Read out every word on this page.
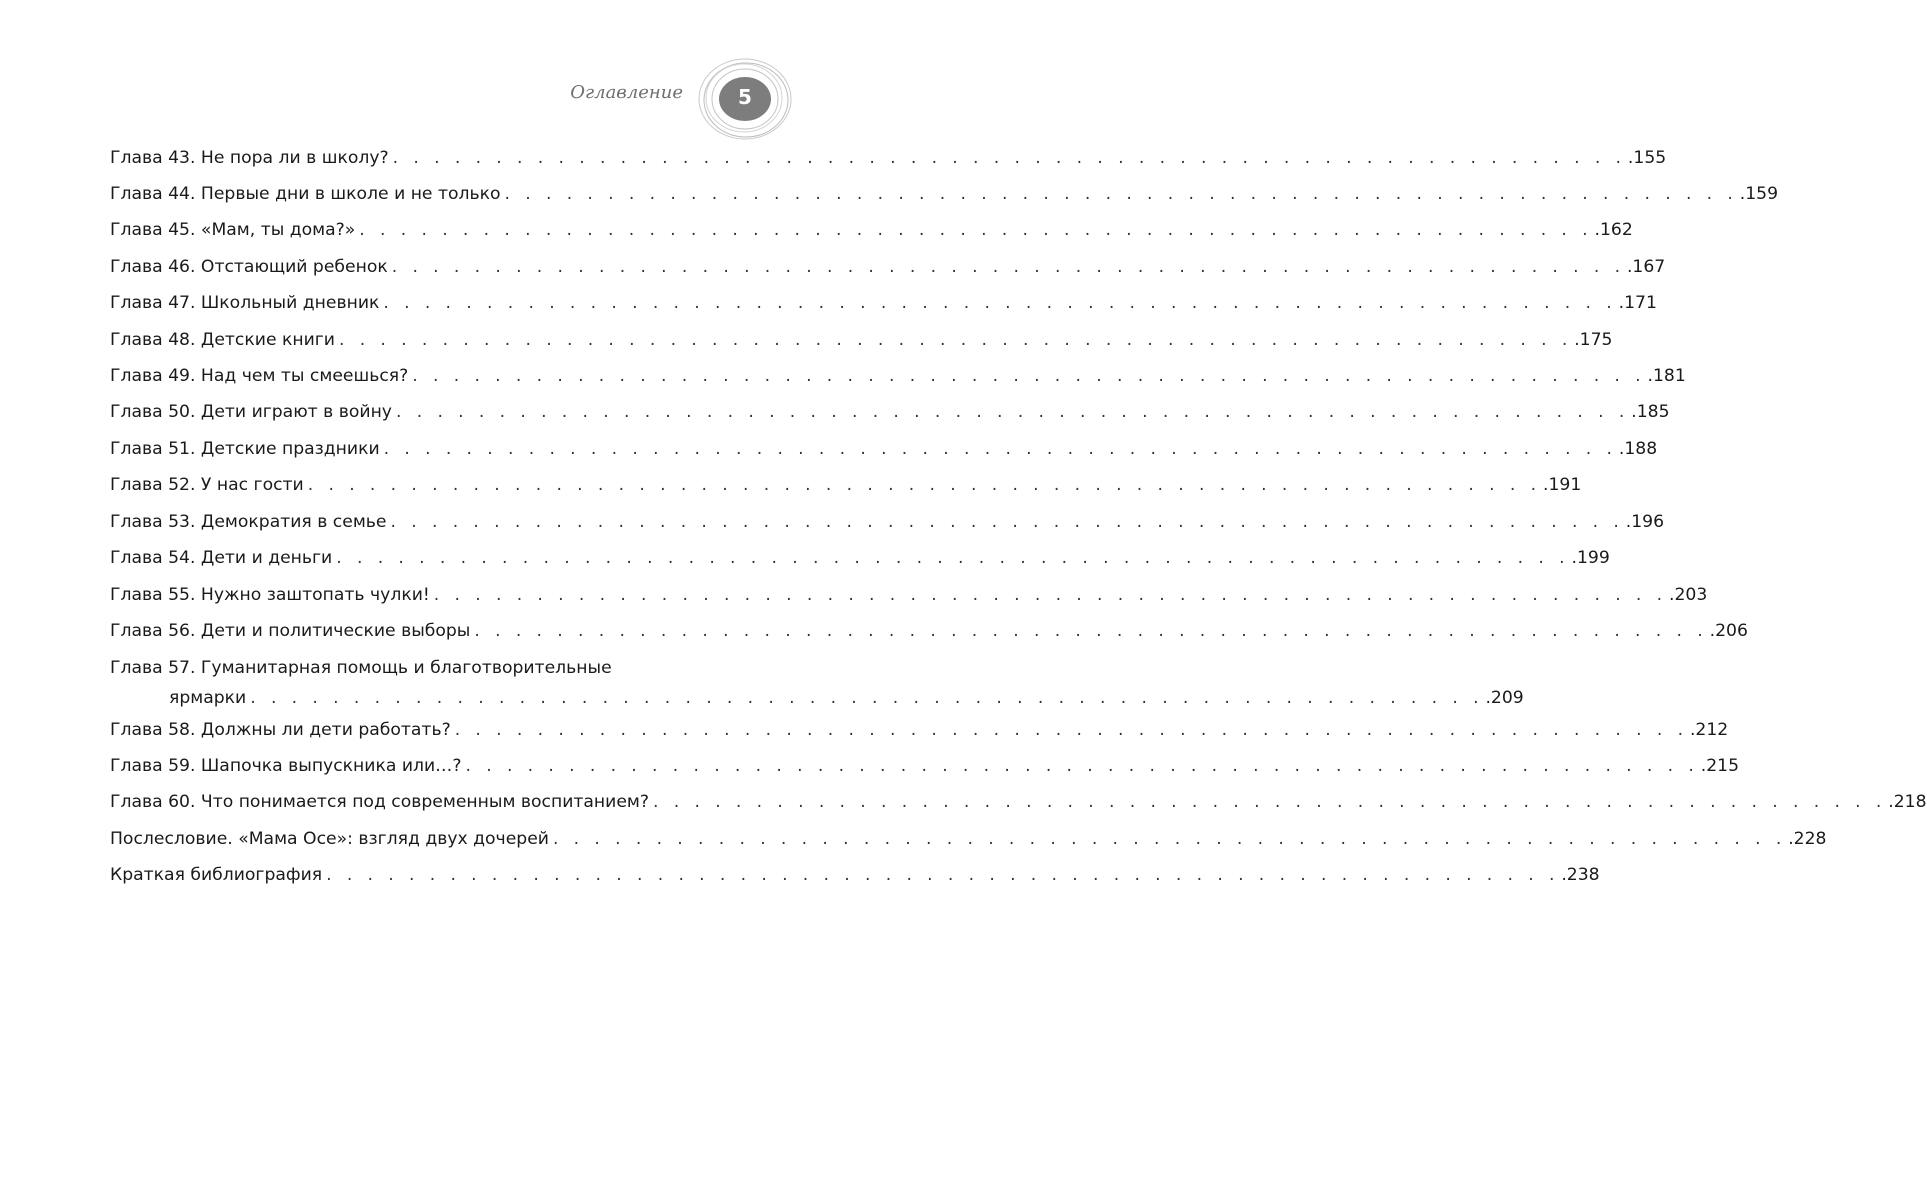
Оглавление	5
Глава 43. Не пора ли в школу? . . . . . . . . . . . . . . . . . . . . . . . . . . . . . . . . . . . . . . . . . . . . . . . . . . . . . . . . . . . . .155
Глава 44. Первые дни в школе и не только . . . . . . . . . . . . . . . . . . . . . . . . . . . . . . . . . . . . . . . . . . . . . . . . . . . . . . . . . . . . .159
Глава 45. «Мам, ты дома?» . . . . . . . . . . . . . . . . . . . . . . . . . . . . . . . . . . . . . . . . . . . . . . . . . . . . . . . . . . . . .162
Глава 46. Отстающий ребенок . . . . . . . . . . . . . . . . . . . . . . . . . . . . . . . . . . . . . . . . . . . . . . . . . . . . . . . . . . . . .167
Глава 47. Школьный дневник . . . . . . . . . . . . . . . . . . . . . . . . . . . . . . . . . . . . . . . . . . . . . . . . . . . . . . . . . . . . .171
Глава 48. Детские книги . . . . . . . . . . . . . . . . . . . . . . . . . . . . . . . . . . . . . . . . . . . . . . . . . . . . . . . . . . . . .175
Глава 49. Над чем ты смеешься? . . . . . . . . . . . . . . . . . . . . . . . . . . . . . . . . . . . . . . . . . . . . . . . . . . . . . . . . . . . . .181
Глава 50. Дети играют в войну . . . . . . . . . . . . . . . . . . . . . . . . . . . . . . . . . . . . . . . . . . . . . . . . . . . . . . . . . . . . .185
Глава 51. Детские праздники . . . . . . . . . . . . . . . . . . . . . . . . . . . . . . . . . . . . . . . . . . . . . . . . . . . . . . . . . . . . .188
Глава 52. У нас гости . . . . . . . . . . . . . . . . . . . . . . . . . . . . . . . . . . . . . . . . . . . . . . . . . . . . . . . . . . . . .191
Глава 53. Демократия в семье . . . . . . . . . . . . . . . . . . . . . . . . . . . . . . . . . . . . . . . . . . . . . . . . . . . . . . . . . . . . .196
Глава 54. Дети и деньги . . . . . . . . . . . . . . . . . . . . . . . . . . . . . . . . . . . . . . . . . . . . . . . . . . . . . . . . . . . . .199
Глава 55. Нужно заштопать чулки! . . . . . . . . . . . . . . . . . . . . . . . . . . . . . . . . . . . . . . . . . . . . . . . . . . . . . . . . . . . . .203
Глава 56. Дети и политические выборы . . . . . . . . . . . . . . . . . . . . . . . . . . . . . . . . . . . . . . . . . . . . . . . . . . . . . . . . . . . . .206
Глава 57. Гуманитарная помощь и благотворительные
ярмарки . . . . . . . . . . . . . . . . . . . . . . . . . . . . . . . . . . . . . . . . . . . . . . . . . . . . . . . . . . . . .209
Глава 58. Должны ли дети работать? . . . . . . . . . . . . . . . . . . . . . . . . . . . . . . . . . . . . . . . . . . . . . . . . . . . . . . . . . . . . .212
Глава 59. Шапочка выпускника или…? . . . . . . . . . . . . . . . . . . . . . . . . . . . . . . . . . . . . . . . . . . . . . . . . . . . . . . . . . . . . .215
Глава 60. Что понимается под современным воспитанием? . . . . . . . . . . . . . . . . . . . . . . . . . . . . . . . . . . . . . . . . . . . . . . . . . . . . . . . . . . . . .218
Послесловие. «Мама Осе»: взгляд двух дочерей . . . . . . . . . . . . . . . . . . . . . . . . . . . . . . . . . . . . . . . . . . . . . . . . . . . . . . . . . . . . .228
Краткая библиография . . . . . . . . . . . . . . . . . . . . . . . . . . . . . . . . . . . . . . . . . . . . . . . . . . . . . . . . . . . . .238
